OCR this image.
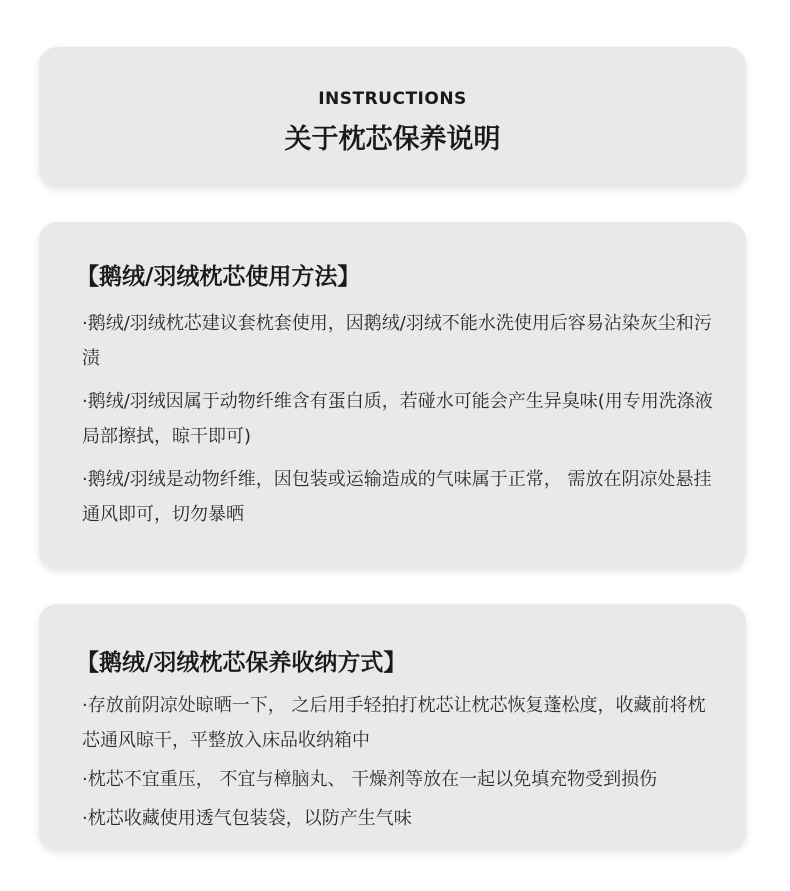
INSTRUCTIONS
关于枕芯保养说明
【鹅绒/羽绒枕芯使用方法】
·鹅绒/羽绒枕芯建议套枕套使用，因鹅绒/羽绒不能水洗使用后容易沾染灰尘和污渍
·鹅绒/羽绒因属于动物纤维含有蛋白质，若碰水可能会产生异臭味(用专用洗涤液局部擦拭，晾干即可)
·鹅绒/羽绒是动物纤维，因包装或运输造成的气味属于正常， 需放在阴凉处悬挂通风即可，切勿暴晒
【鹅绒/羽绒枕芯保养收纳方式】
·存放前阴凉处晾晒一下， 之后用手轻拍打枕芯让枕芯恢复蓬松度，收藏前将枕芯通风晾干，平整放入床品收纳箱中
·枕芯不宜重压， 不宜与樟脑丸、 干燥剂等放在一起以免填充物受到损伤
·枕芯收藏使用透气包装袋，以防产生气味
